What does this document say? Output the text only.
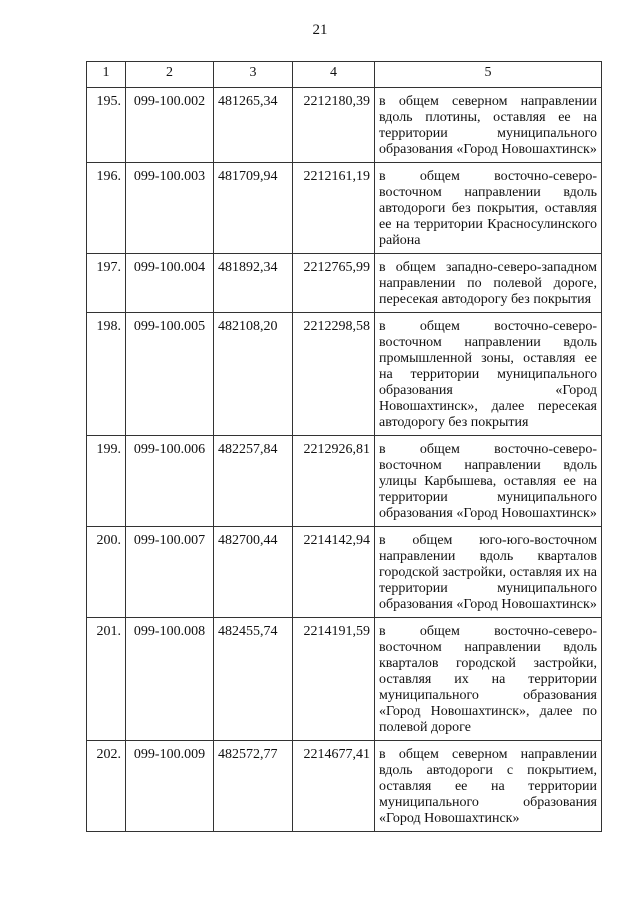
21
1	2	3	4	5
195.	099-100.002	481265,34	2212180,39	в общем северном направлении вдоль плотины, оставляя ее на территории муниципального образования «Город Новошахтинск»
196.	099-100.003	481709,94	2212161,19	в общем восточно-северо-восточном направлении вдоль автодороги без покрытия, оставляя ее на территории Красносулинского района
197.	099-100.004	481892,34	2212765,99	в общем западно-северо-западном направлении по полевой дороге, пересекая автодорогу без покрытия
198.	099-100.005	482108,20	2212298,58	в общем восточно-северо-восточном направлении вдоль промышленной зоны, оставляя ее на территории муниципального образования «Город Новошахтинск», далее пересекая автодорогу без покрытия
199.	099-100.006	482257,84	2212926,81	в общем восточно-северо-восточном направлении вдоль улицы Карбышева, оставляя ее на территории муниципального образования «Город Новошахтинск»
200.	099-100.007	482700,44	2214142,94	в общем юго-юго-восточном направлении вдоль кварталов городской застройки, оставляя их на территории муниципального образования «Город Новошахтинск»
201.	099-100.008	482455,74	2214191,59	в общем восточно-северо-восточном направлении вдоль кварталов городской застройки, оставляя их на территории муниципального образования «Город Новошахтинск», далее по полевой дороге
202.	099-100.009	482572,77	2214677,41	в общем северном направлении вдоль автодороги с покрытием, оставляя ее на территории муниципального образования «Город Новошахтинск»
